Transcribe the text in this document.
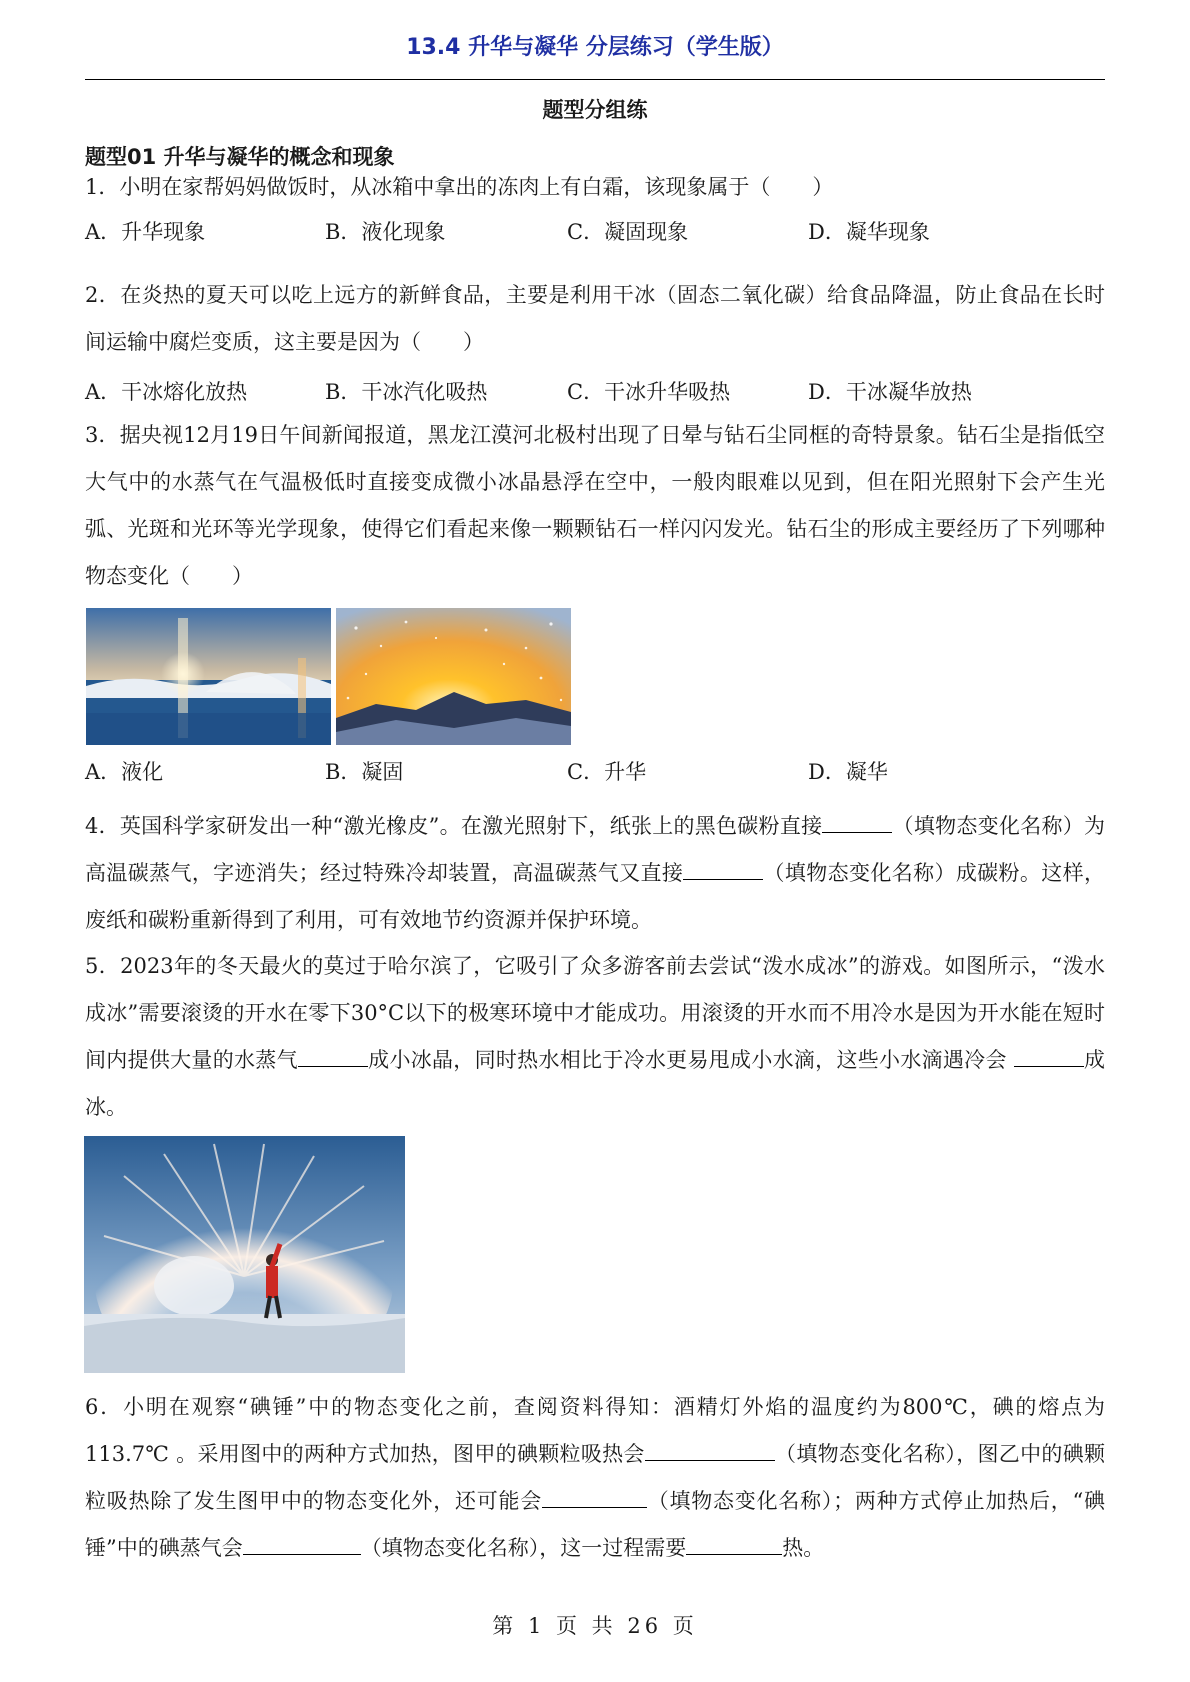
13.4 升华与凝华 分层练习（学生版）
题型分组练
题型01 升华与凝华的概念和现象

1．小明在家帮妈妈做饭时，从冰箱中拿出的冻肉上有白霜，该现象属于（　　）

A．升华现象	B．液化现象	C．凝固现象	D．凝华现象

2．在炎热的夏天可以吃上远方的新鲜食品，主要是利用干冰（固态二氧化碳）给食品降温，防止食品在长时间运输中腐烂变质，这主要是因为（　　）

A．干冰熔化放热	B．干冰汽化吸热	C．干冰升华吸热	D．干冰凝华放热

3．据央视12月19日午间新闻报道，黑龙江漠河北极村出现了日晕与钻石尘同框的奇特景象。钻石尘是指低空大气中的水蒸气在气温极低时直接变成微小冰晶悬浮在空中，一般肉眼难以见到，但在阳光照射下会产生光弧、光斑和光环等光学现象，使得它们看起来像一颗颗钻石一样闪闪发光。钻石尘的形成主要经历了下列哪种物态变化（　　）

A．液化	B．凝固	C．升华	D．凝华

4．英国科学家研发出一种“激光橡皮”。在激光照射下，纸张上的黑色碳粉直接	（填物态变化名称）为高温碳蒸气，字迹消失；经过特殊冷却装置，高温碳蒸气又直接	（填物态变化名称）成碳粉。这样，废纸和碳粉重新得到了利用，可有效地节约资源并保护环境。

5．2023年的冬天最火的莫过于哈尔滨了，它吸引了众多游客前去尝试“泼水成冰”的游戏。如图所示，“泼水成冰”需要滚烫的开水在零下30°C以下的极寒环境中才能成功。用滚烫的开水而不用冷水是因为开水能在短时间内提供大量的水蒸气	成小冰晶，同时热水相比于冷水更易甩成小水滴，这些小水滴遇冷会	成冰。

6．小明在观察“碘锤”中的物态变化之前，查阅资料得知：酒精灯外焰的温度约为800℃，碘的熔点为113.7℃ 。采用图中的两种方式加热，图甲的碘颗粒吸热会	（填物态变化名称），图乙中的碘颗粒吸热除了发生图甲中的物态变化外，还可能会	（填物态变化名称）；两种方式停止加热后，“碘锤”中的碘蒸气会	（填物态变化名称），这一过程需要	热。

第 1 页 共 26 页
